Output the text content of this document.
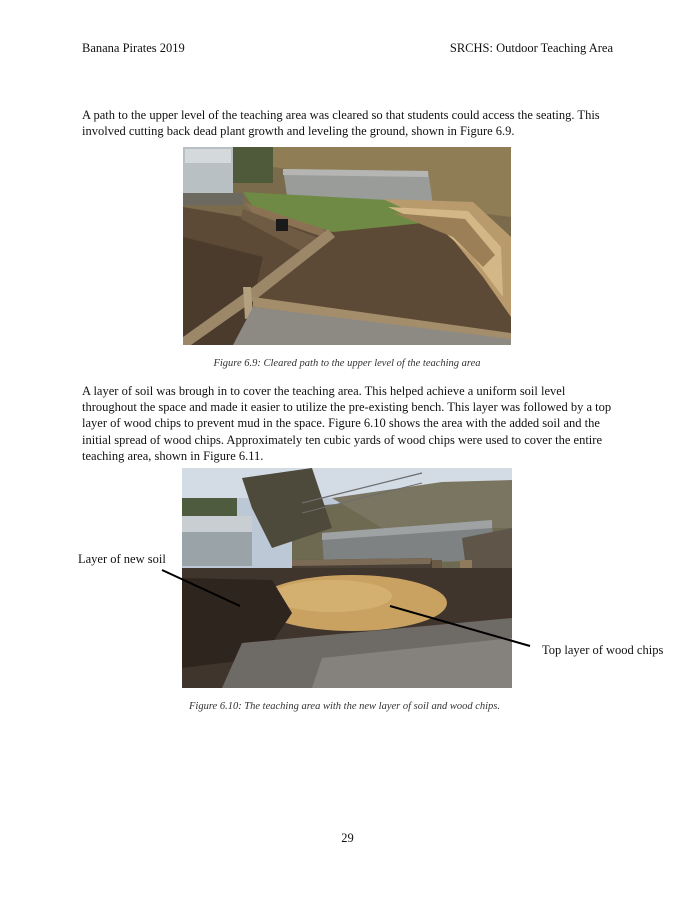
Banana Pirates 2019	SRCHS: Outdoor Teaching Area
A path to the upper level of the teaching area was cleared so that students could access the seating. This involved cutting back dead plant growth and leveling the ground, shown in Figure 6.9.
Figure 6.9: Cleared path to the upper level of the teaching area
A layer of soil was brough in to cover the teaching area. This helped achieve a uniform soil level throughout the space and made it easier to utilize the pre-existing bench. This layer was followed by a top layer of wood chips to prevent mud in the space. Figure 6.10 shows the area with the added soil and the initial spread of wood chips. Approximately ten cubic yards of wood chips were used to cover the entire teaching area, shown in Figure 6.11.
Layer of new soil
Top layer of wood chips
Figure 6.10: The teaching area with the new layer of soil and wood chips.
29
